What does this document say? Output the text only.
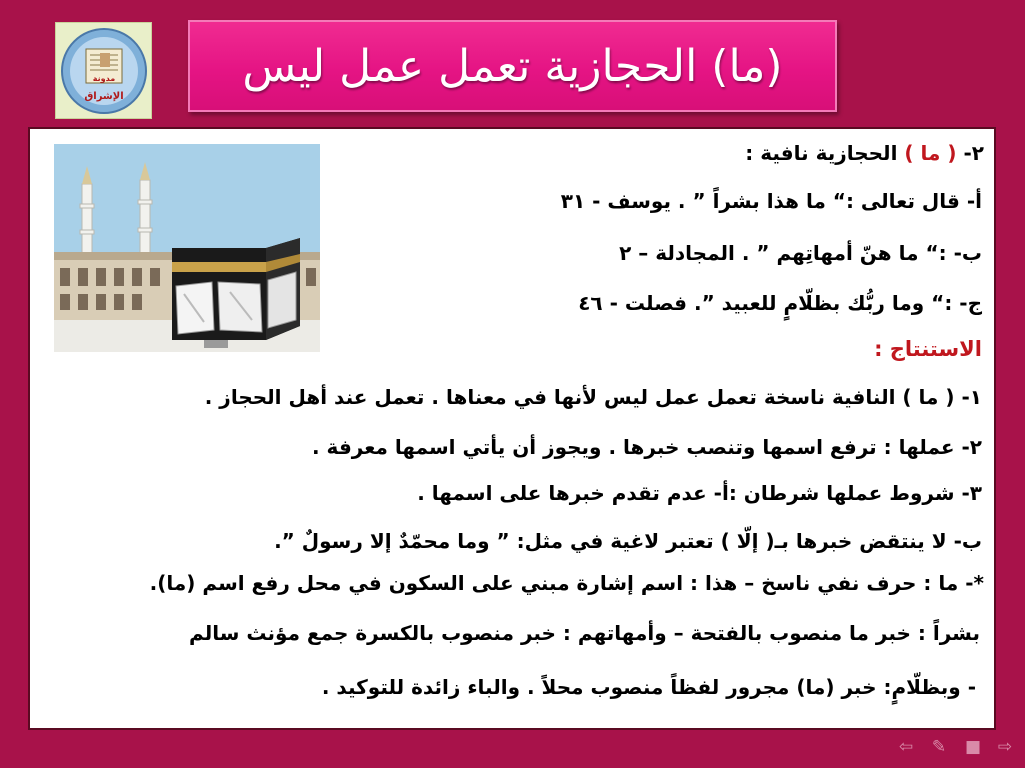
مدونة
الإشراق
(ما) الحجازية تعمل عمل ليس
٢- ( ما ) الحجازية نافية :
أ- قال تعالى :“ ما هذا بشراً ” . يوسف - ٣١
ب- :“ ما هنّ أمهاتِهم ” . المجادلة – ٢
ج- :“ وما ربُّك بظلّامٍ للعبيد ”. فصلت - ٤٦
الاستنتاج :
١- ( ما ) النافية ناسخة تعمل عمل ليس لأنها في معناها . تعمل عند أهل الحجاز .
٢- عملها : ترفع اسمها وتنصب خبرها . ويجوز أن يأتي اسمها معرفة .
٣- شروط عملها شرطان :أ- عدم تقدم خبرها على اسمها .
ب- لا ينتقض خبرها بـ( إلّا ) تعتبر لاغية في مثل: ” وما محمّدٌ إلا رسولٌ ”.
*- ما : حرف نفي ناسخ – هذا : اسم إشارة مبني على السكون في محل رفع اسم (ما).
بشراً : خبر ما منصوب بالفتحة – وأمهاتهم : خبر منصوب بالكسرة جمع مؤنث سالم
- وبظلّامٍ: خبر (ما) مجرور لفظاً منصوب محلاً . والباء زائدة للتوكيد .
⇦ ✎ ■ ⇨
